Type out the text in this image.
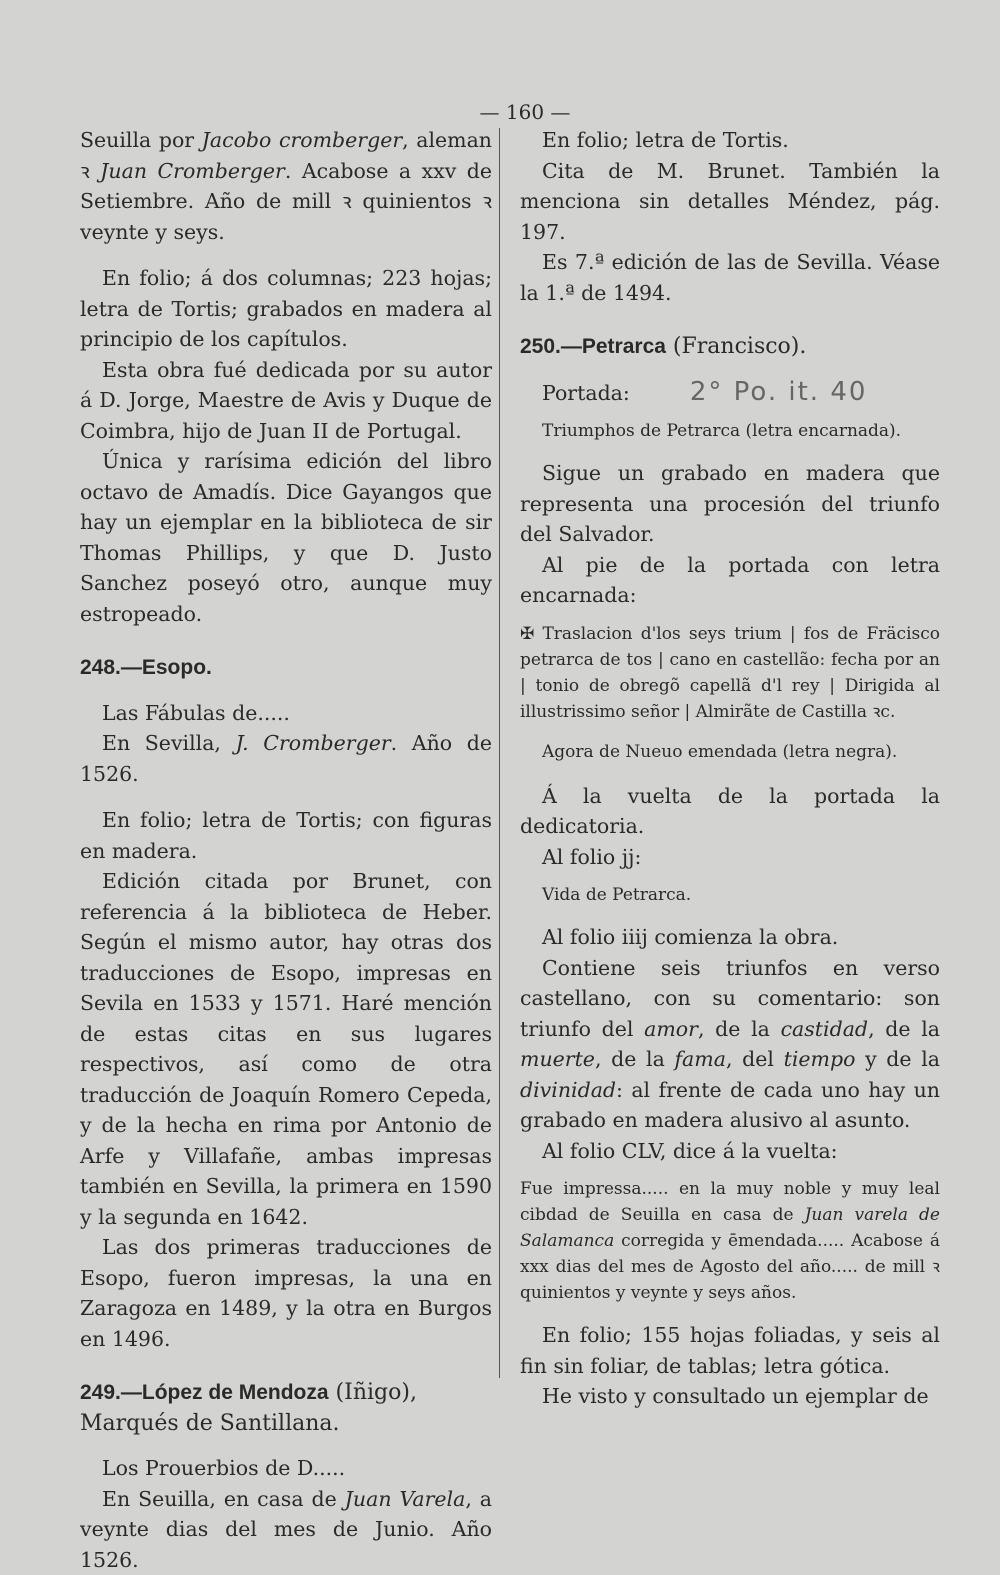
— 160 —

Seuilla por Jacobo cromberger, aleman ꝛ Juan Cromberger. Acabose a xxv de Setiembre. Año de mill ꝛ quinientos ꝛ veynte y seys.

En folio; á dos columnas; 223 hojas; letra de Tortis; grabados en madera al principio de los capítulos.

Esta obra fué dedicada por su autor á D. Jorge, Maestre de Avis y Duque de Coimbra, hijo de Juan II de Portugal.

Única y rarísima edición del libro octavo de Amadís. Dice Gayangos que hay un ejemplar en la biblioteca de sir Thomas Phillips, y que D. Justo Sanchez poseyó otro, aunque muy estropeado.

248.—Esopo.

Las Fábulas de.....

En Sevilla, J. Cromberger. Año de 1526.

En folio; letra de Tortis; con figuras en madera.

Edición citada por Brunet, con referencia á la biblioteca de Heber. Según el mismo autor, hay otras dos traducciones de Esopo, impresas en Sevila en 1533 y 1571. Haré mención de estas citas en sus lugares respectivos, así como de otra traducción de Joaquín Romero Cepeda, y de la hecha en rima por Antonio de Arfe y Villafañe, ambas impresas también en Sevilla, la primera en 1590 y la segunda en 1642.

Las dos primeras traducciones de Esopo, fueron impresas, la una en Zaragoza en 1489, y la otra en Burgos en 1496.

249.—López de Mendoza (Iñigo), Marqués de Santillana.

Los Prouerbios de D.....

En Seuilla, en casa de Juan Varela, a veynte dias del mes de Junio. Año 1526.

En folio; letra de Tortis.

Cita de M. Brunet. También la menciona sin detalles Méndez, pág. 197.

Es 7.ª edición de las de Sevilla. Véase la 1.ª de 1494.

250.—Petrarca (Francisco).

Portada: 2° Po. it. 40

Triumphos de Petrarca (letra encarnada).

Sigue un grabado en madera que representa una procesión del triunfo del Salvador.

Al pie de la portada con letra encarnada:

✠ Traslacion d'los seys trium | fos de Fräcisco petrarca de tos | cano en castellão: fecha por an | tonio de obregõ capellã d'l rey | Dirigida al illustrissimo señor | Almirãte de Castilla ꝛc.

Agora de Nueuo emendada (letra negra).

Á la vuelta de la portada la dedicatoria.

Al folio jj:

Vida de Petrarca.

Al folio iiij comienza la obra.

Contiene seis triunfos en verso castellano, con su comentario: son triunfo del amor, de la castidad, de la muerte, de la fama, del tiempo y de la divinidad: al frente de cada uno hay un grabado en madera alusivo al asunto.

Al folio CLV, dice á la vuelta:

Fue impressa..... en la muy noble y muy leal cibdad de Seuilla en casa de Juan varela de Salamanca corregida y ēmendada..... Acabose á xxx dias del mes de Agosto del año..... de mill ꝛ quinientos y veynte y seys años.

En folio; 155 hojas foliadas, y seis al fin sin foliar, de tablas; letra gótica.

He visto y consultado un ejemplar de
